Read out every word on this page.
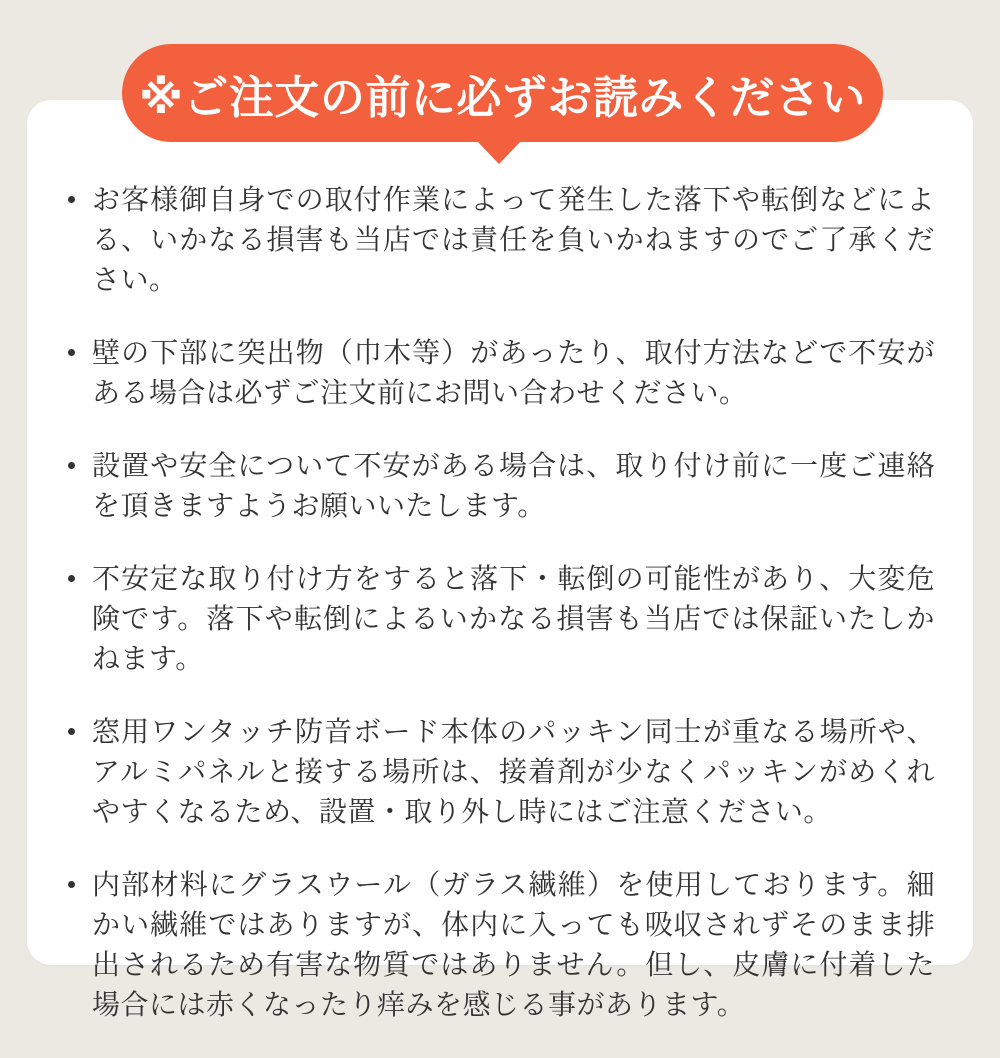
※ご注文の前に必ずお読みください
お客様御自身での取付作業によって発生した落下や転倒などによる、いかなる損害も当店では責任を負いかねますのでご了承ください。
壁の下部に突出物（巾木等）があったり、取付方法などで不安がある場合は必ずご注文前にお問い合わせください。
設置や安全について不安がある場合は、取り付け前に一度ご連絡を頂きますようお願いいたします。
不安定な取り付け方をすると落下・転倒の可能性があり、大変危険です。落下や転倒によるいかなる損害も当店では保証いたしかねます。
窓用ワンタッチ防音ボード本体のパッキン同士が重なる場所や、アルミパネルと接する場所は、接着剤が少なくパッキンがめくれやすくなるため、設置・取り外し時にはご注意ください。
内部材料にグラスウール（ガラス繊維）を使用しております。細かい繊維ではありますが、体内に入っても吸収されずそのまま排出されるため有害な物質ではありません。但し、皮膚に付着した場合には赤くなったり痒みを感じる事があります。
